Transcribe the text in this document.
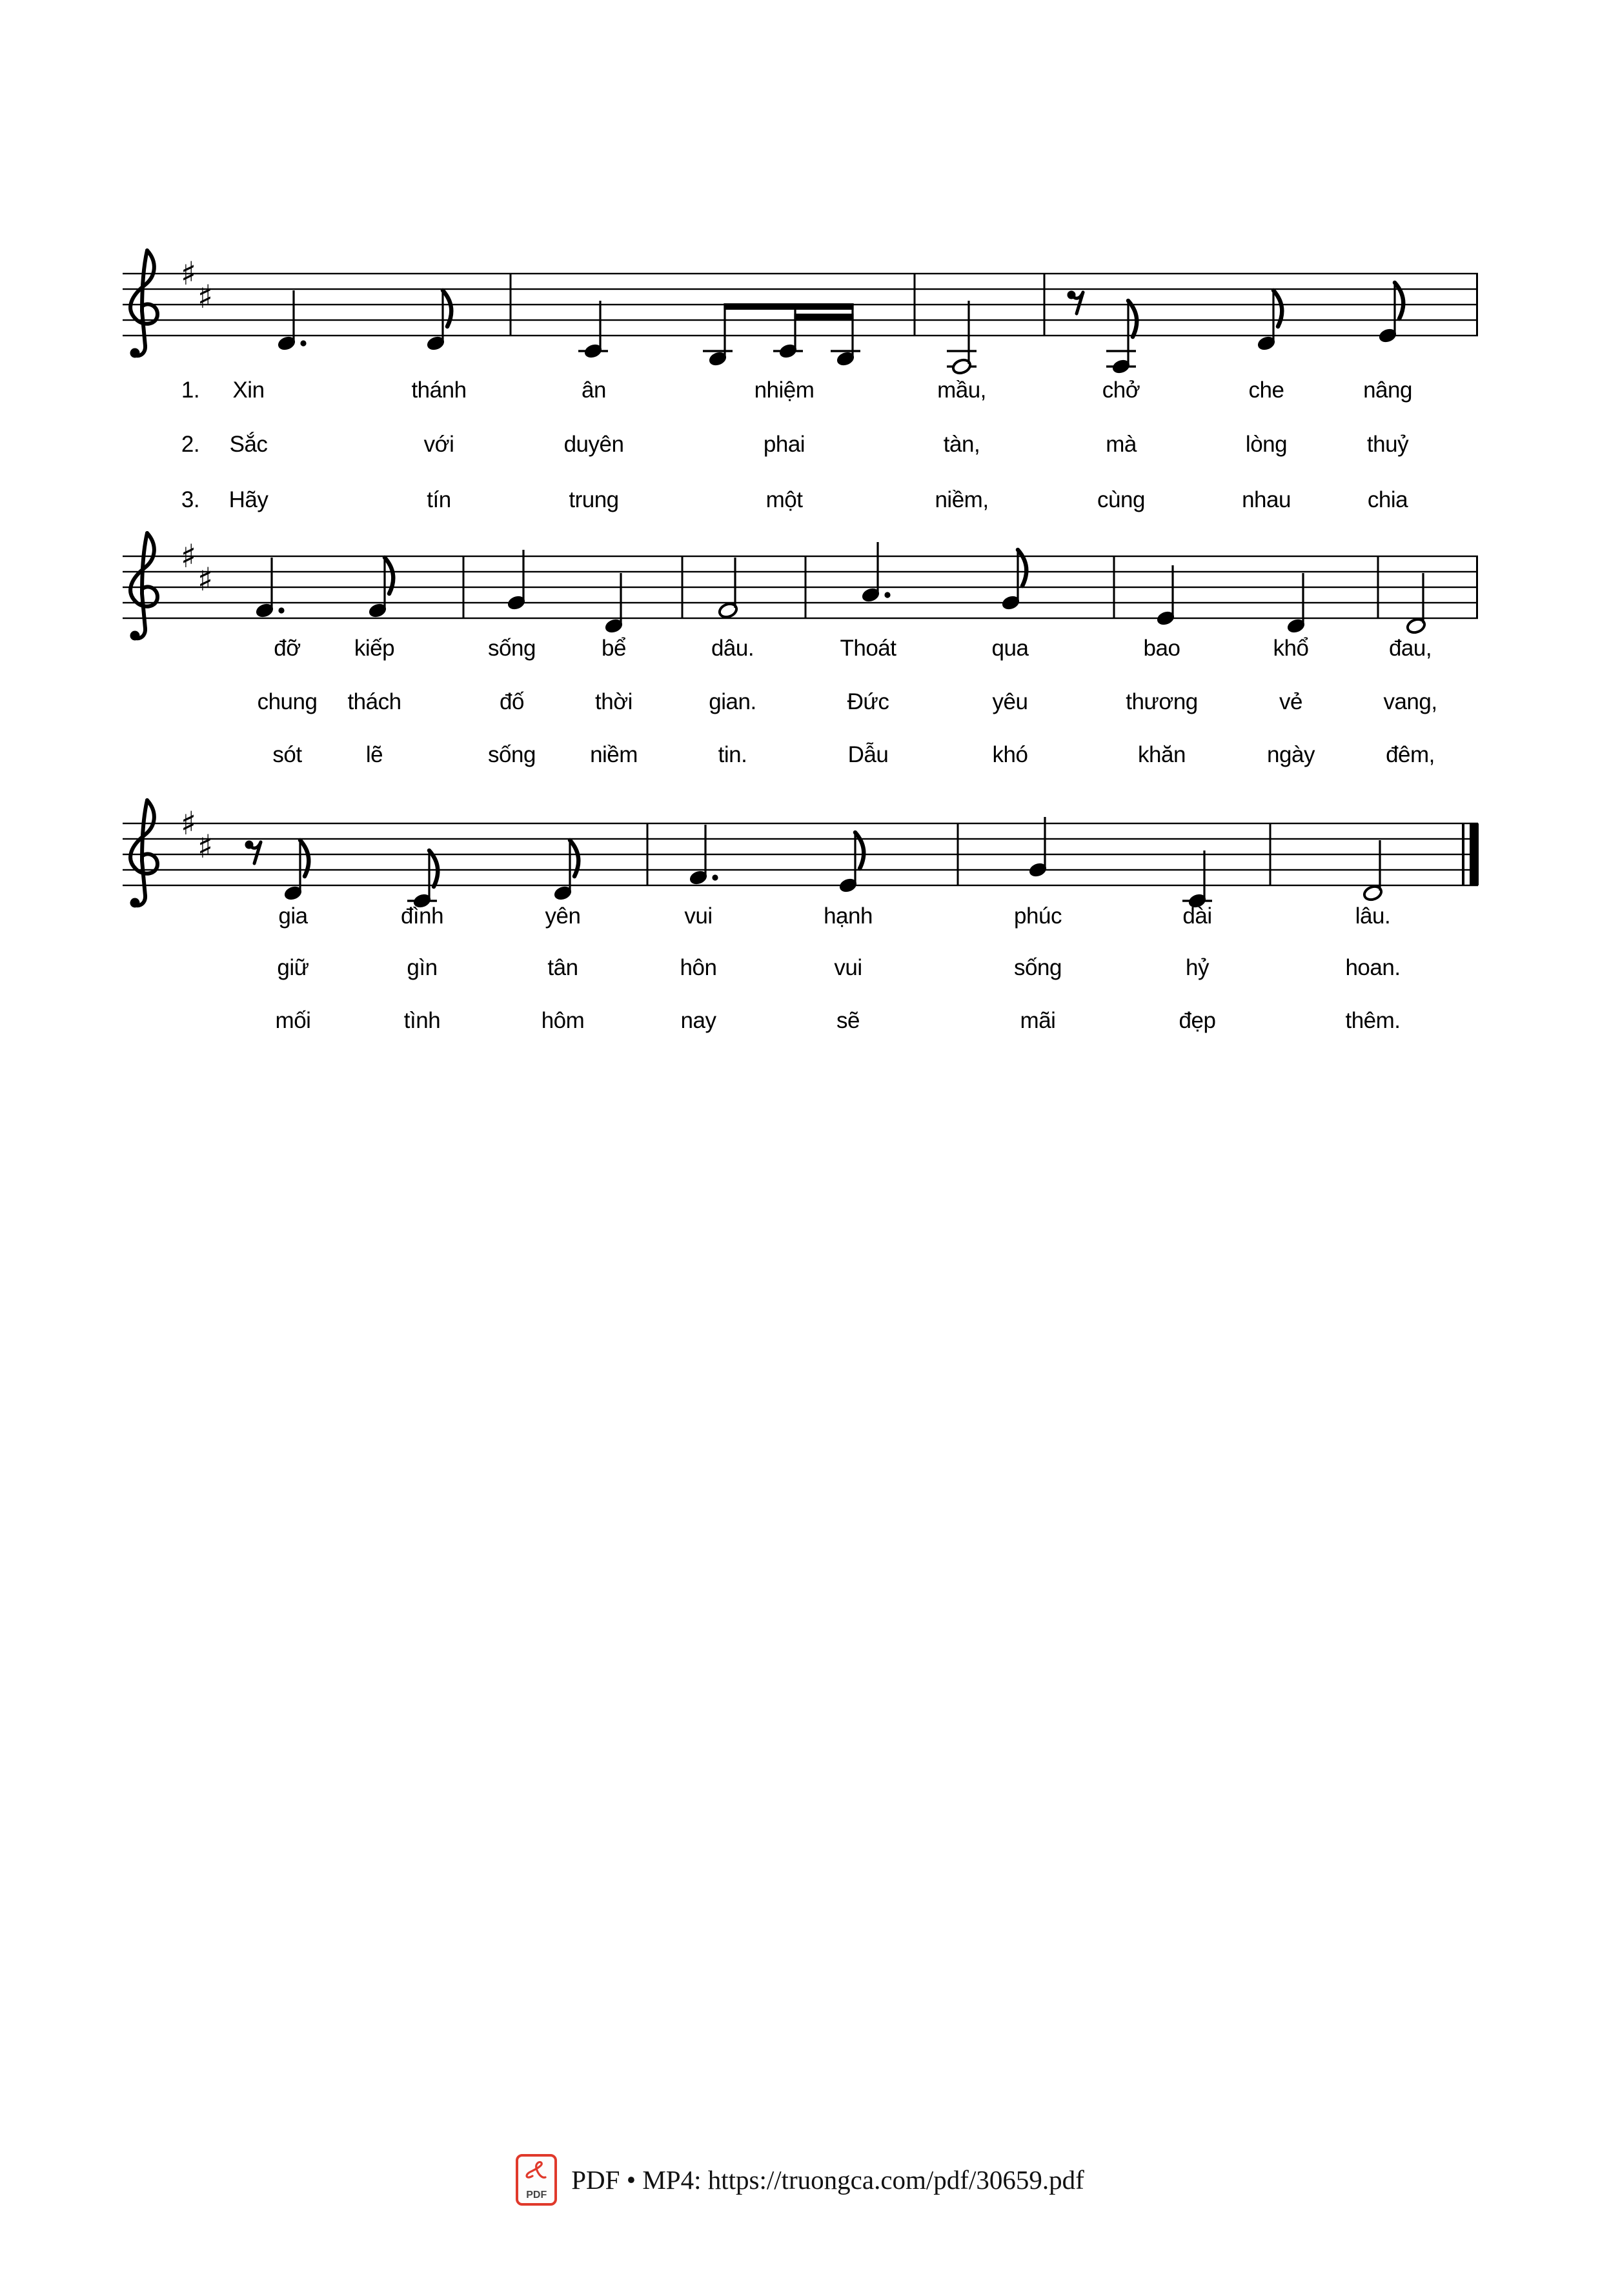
♯
♯
♯
♯
♯
♯
1. Xin	thánh	ân	nhiệm	mầu,	chở	che	nâng
2. Sắc	với	duyên	phai	tàn,	mà	lòng	thuỷ
3. Hãy	tín	trung	một	niềm,	cùng	nhau	chia
đỡ kiếp	sống	bể	dâu.	Thoát	qua	bao	khổ	đau,
chung thách	đố	thời	gian.	Đức	yêu	thương	vẻ	vang,
sót	lẽ	sống niềm	tin.	Dẫu	khó	khăn	ngày	đêm,
gia	đình	yên	vui	hạnh	phúc	dài	lâu.
giữ	gìn	tân	hôn	vui	sống	hỷ	hoan.
mối	tình	hôm	nay	sẽ	mãi	đẹp	thêm.
PDF
PDF • MP4: https://truongca.com/pdf/30659.pdf
